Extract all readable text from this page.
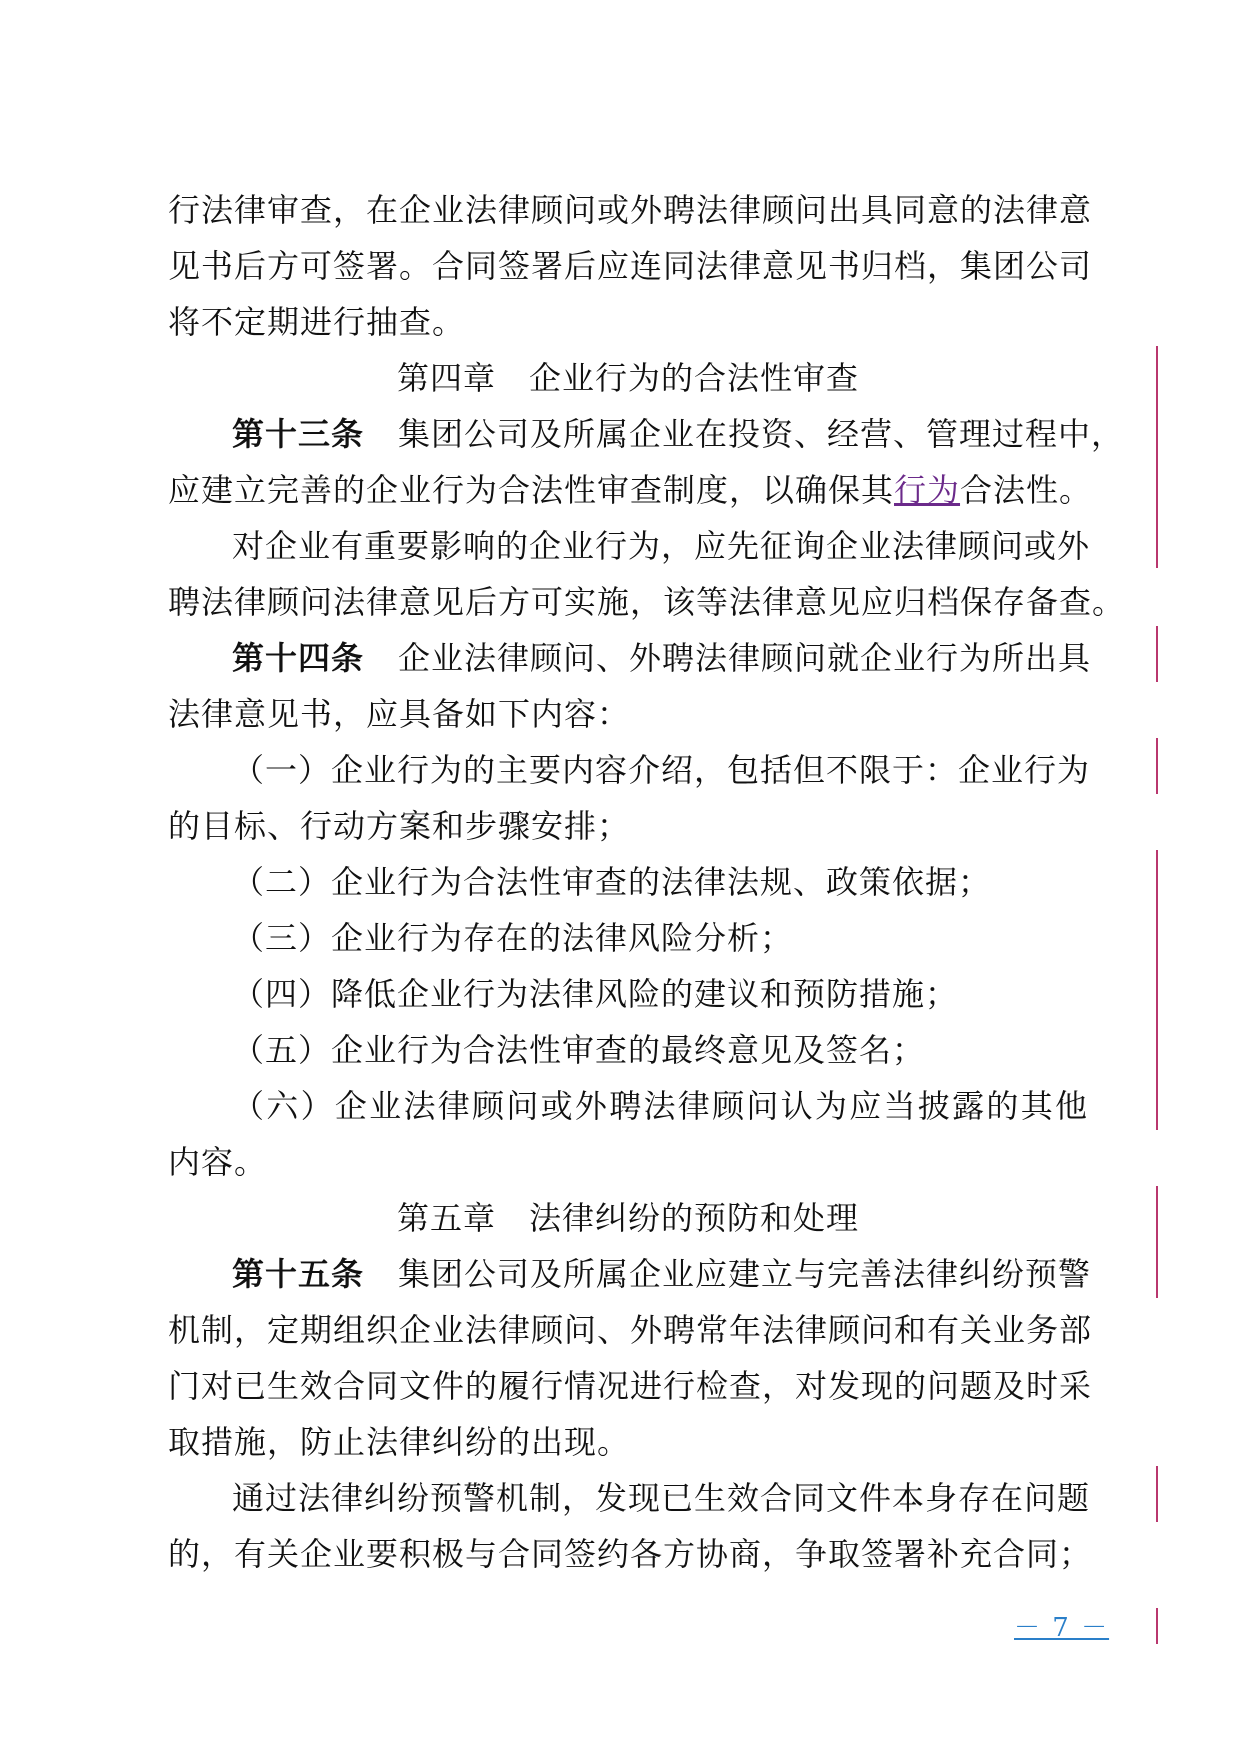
行法律审查，在企业法律顾问或外聘法律顾问出具同意的法律意
见书后方可签署。合同签署后应连同法律意见书归档，集团公司
将不定期进行抽查。
第四章　企业行为的合法性审查
第十三条 集团公司及所属企业在投资、经营、管理过程中，
应建立完善的企业行为合法性审查制度，以确保其行为合法性。
对企业有重要影响的企业行为，应先征询企业法律顾问或外
聘法律顾问法律意见后方可实施，该等法律意见应归档保存备查。
第十四条 企业法律顾问、外聘法律顾问就企业行为所出具
法律意见书，应具备如下内容：
（一）企业行为的主要内容介绍，包括但不限于：企业行为
的目标、行动方案和步骤安排；
（二）企业行为合法性审查的法律法规、政策依据；
（三）企业行为存在的法律风险分析；
（四）降低企业行为法律风险的建议和预防措施；
（五）企业行为合法性审查的最终意见及签名；
（六）企业法律顾问或外聘法律顾问认为应当披露的其他
内容。
第五章　法律纠纷的预防和处理
第十五条 集团公司及所属企业应建立与完善法律纠纷预警
机制，定期组织企业法律顾问、外聘常年法律顾问和有关业务部
门对已生效合同文件的履行情况进行检查，对发现的问题及时采
取措施，防止法律纠纷的出现。
通过法律纠纷预警机制，发现已生效合同文件本身存在问题
的，有关企业要积极与合同签约各方协商，争取签署补充合同；
－ 7 －
